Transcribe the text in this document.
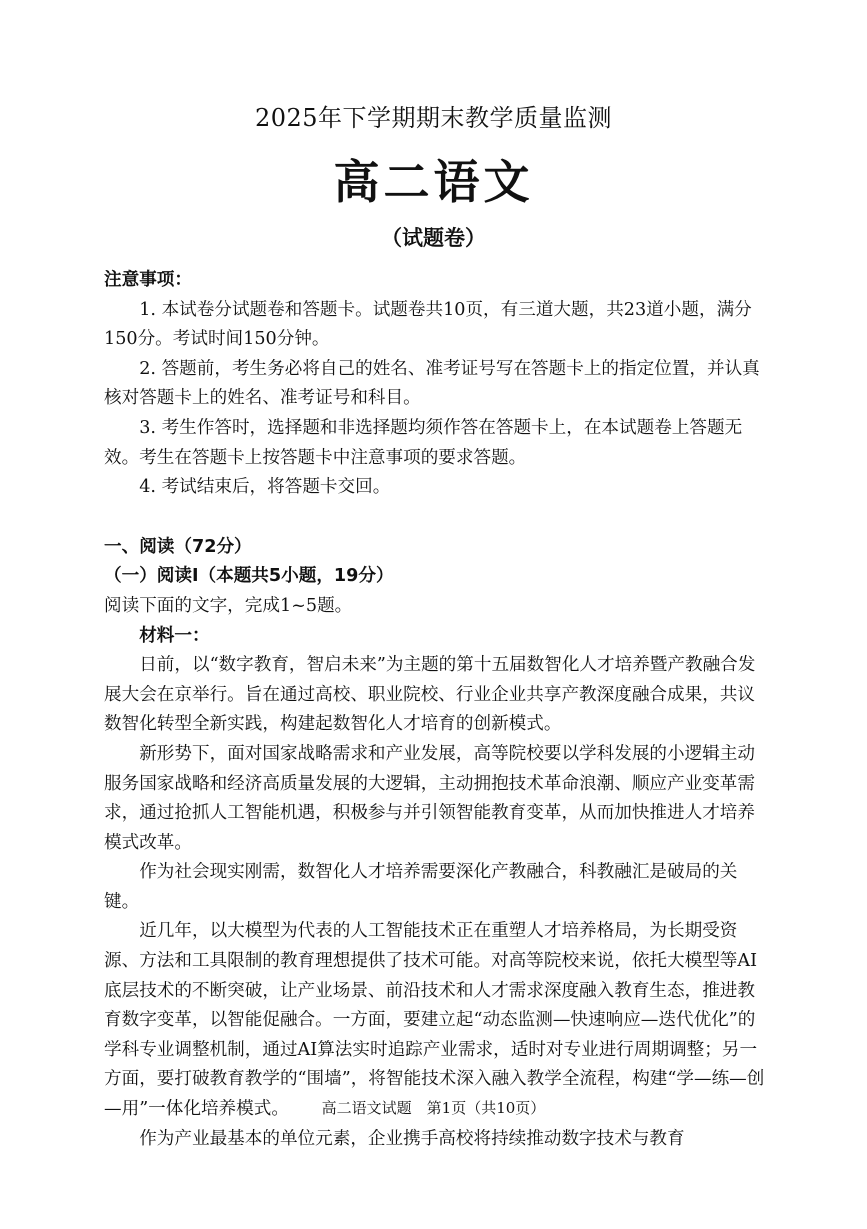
2025年下学期期末教学质量监测
高二语文
（试题卷）

注意事项：

1. 本试卷分试题卷和答题卡。试题卷共10页，有三道大题，共23道小题，满分150分。考试时间150分钟。

2. 答题前，考生务必将自己的姓名、准考证号写在答题卡上的指定位置，并认真核对答题卡上的姓名、准考证号和科目。

3. 考生作答时，选择题和非选择题均须作答在答题卡上，在本试题卷上答题无效。考生在答题卡上按答题卡中注意事项的要求答题。

4. 考试结束后，将答题卡交回。

一、阅读（72分）

（一）阅读Ⅰ（本题共5小题，19分）

阅读下面的文字，完成1~5题。

材料一：

日前，以“数字教育，智启未来”为主题的第十五届数智化人才培养暨产教融合发展大会在京举行。旨在通过高校、职业院校、行业企业共享产教深度融合成果，共议数智化转型全新实践，构建起数智化人才培育的创新模式。

新形势下，面对国家战略需求和产业发展，高等院校要以学科发展的小逻辑主动服务国家战略和经济高质量发展的大逻辑，主动拥抱技术革命浪潮、顺应产业变革需求，通过抢抓人工智能机遇，积极参与并引领智能教育变革，从而加快推进人才培养模式改革。

作为社会现实刚需，数智化人才培养需要深化产教融合，科教融汇是破局的关键。

近几年，以大模型为代表的人工智能技术正在重塑人才培养格局，为长期受资源、方法和工具限制的教育理想提供了技术可能。对高等院校来说，依托大模型等AI底层技术的不断突破，让产业场景、前沿技术和人才需求深度融入教育生态，推进教育数字变革，以智能促融合。一方面，要建立起“动态监测—快速响应—迭代优化”的学科专业调整机制，通过AI算法实时追踪产业需求，适时对专业进行周期调整；另一方面，要打破教育教学的“围墙”，将智能技术深入融入教学全流程，构建“学—练—创—用”一体化培养模式。

作为产业最基本的单位元素，企业携手高校将持续推动数字技术与教育

高二语文试题　第1页（共10页）
